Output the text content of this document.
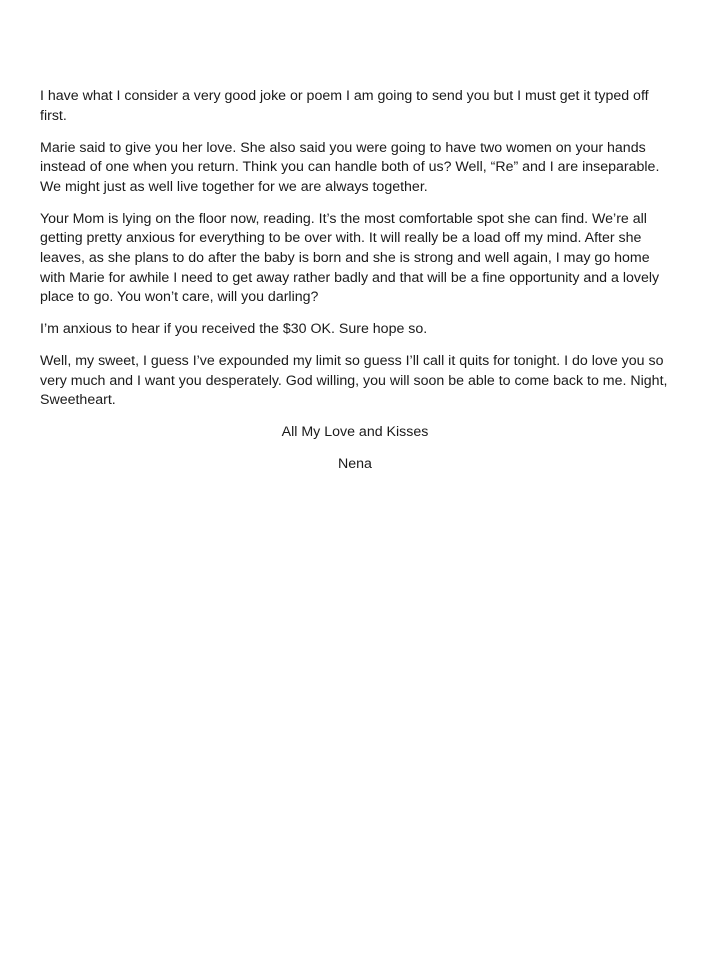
I have what I consider a very good joke or poem I am going to send you but I must get it typed off first.

Marie said to give you her love. She also said you were going to have two women on your hands instead of one when you return. Think you can handle both of us? Well, “Re” and I are inseparable. We might just as well live together for we are always together.

Your Mom is lying on the floor now, reading. It’s the most comfortable spot she can find. We’re all getting pretty anxious for everything to be over with. It will really be a load off my mind. After she leaves, as she plans to do after the baby is born and she is strong and well again, I may go home with Marie for awhile I need to get away rather badly and that will be a fine opportunity and a lovely place to go. You won’t care, will you darling?

I’m anxious to hear if you received the $30 OK. Sure hope so.

Well, my sweet, I guess I’ve expounded my limit so guess I’ll call it quits for tonight. I do love you so very much and I want you desperately. God willing, you will soon be able to come back to me. Night, Sweetheart.

All My Love and Kisses
Nena
